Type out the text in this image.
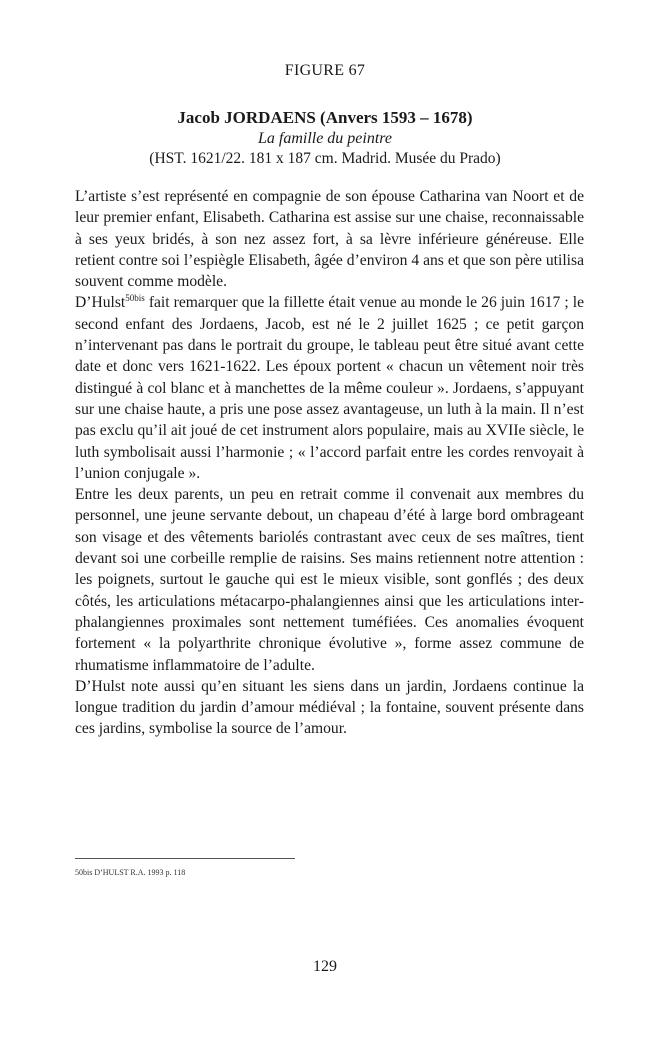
FIGURE 67
Jacob JORDAENS (Anvers 1593 – 1678)
La famille du peintre
(HST. 1621/22. 181 x 187 cm. Madrid. Musée du Prado)

L’artiste s’est représenté en compagnie de son épouse Catharina van Noort et de leur premier enfant, Elisabeth. Catharina est assise sur une chaise, reconnaissable à ses yeux bridés, à son nez assez fort, à sa lèvre inférieure généreuse. Elle retient contre soi l’espiègle Elisabeth, âgée d’environ 4 ans et que son père utilisa souvent comme modèle.

D’Hulst$^{50bis}$ fait remarquer que la fillette était venue au monde le 26 juin 1617 ; le second enfant des Jordaens, Jacob, est né le 2 juillet 1625 ; ce petit garçon n’intervenant pas dans le portrait du groupe, le tableau peut être situé avant cette date et donc vers 1621-1622. Les époux portent « chacun un vêtement noir très distingué à col blanc et à manchettes de la même couleur ». Jordaens, s’appuyant sur une chaise haute, a pris une pose assez avantageuse, un luth à la main. Il n’est pas exclu qu’il ait joué de cet instrument alors populaire, mais au XVIIe siècle, le luth symbolisait aussi l’harmonie ; « l’accord parfait entre les cordes renvoyait à l’union conjugale ».

Entre les deux parents, un peu en retrait comme il convenait aux membres du personnel, une jeune servante debout, un chapeau d’été à large bord ombrageant son visage et des vêtements bariolés contrastant avec ceux de ses maîtres, tient devant soi une corbeille remplie de raisins. Ses mains retiennent notre attention : les poignets, surtout le gauche qui est le mieux visible, sont gonflés ; des deux côtés, les articulations métacarpo-phalangiennes ainsi que les articulations inter-phalangiennes proximales sont nettement tuméfiées. Ces anomalies évoquent fortement « la polyarthrite chronique évolutive », forme assez commune de rhumatisme inflammatoire de l’adulte.

D’Hulst note aussi qu’en situant les siens dans un jardin, Jordaens continue la longue tradition du jardin d’amour médiéval ; la fontaine, souvent présente dans ces jardins, symbolise la source de l’amour.

50bis D’HULST R.A. 1993 p. 118
129
